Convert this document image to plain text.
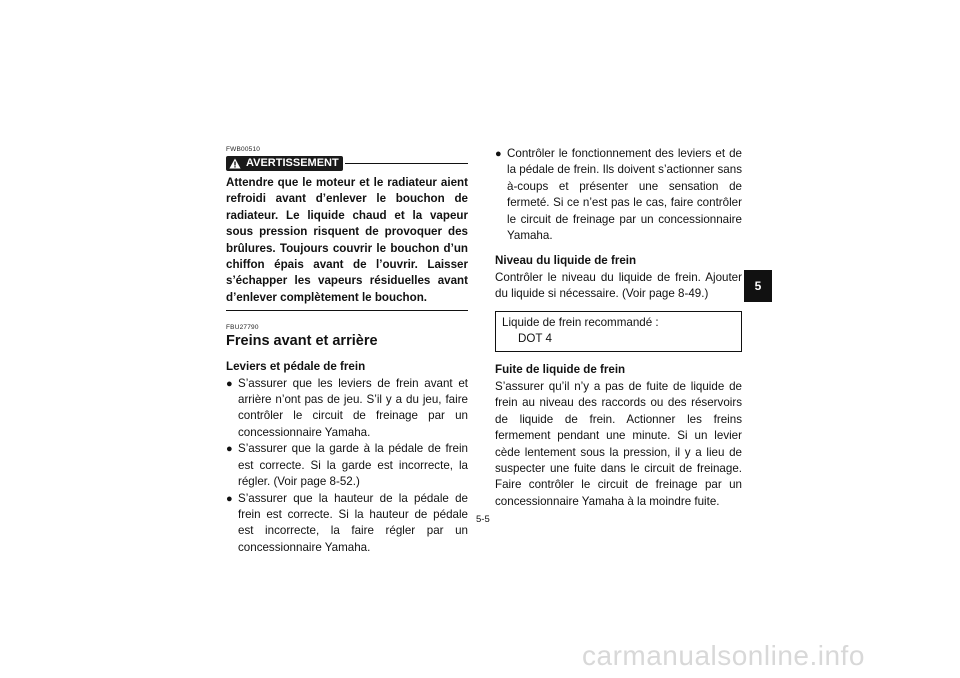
FWB00510
AVERTISSEMENT
Attendre que le moteur et le radiateur aient refroidi avant d’enlever le bouchon de radiateur. Le liquide chaud et la vapeur sous pression risquent de provoquer des brûlures. Toujours couvrir le bouchon d’un chiffon épais avant de l’ouvrir. Laisser s’échapper les vapeurs résiduelles avant d’enlever complètement le bouchon.
FBU27790
Freins avant et arrière
Leviers et pédale de frein
● S’assurer que les leviers de frein avant et arrière n’ont pas de jeu. S’il y a du jeu, faire contrôler le circuit de freinage par un concessionnaire Yamaha.
● S’assurer que la garde à la pédale de frein est correcte. Si la garde est incorrecte, la régler. (Voir page 8-52.)
● S’assurer que la hauteur de la pédale de frein est correcte. Si la hauteur de pédale est incorrecte, la faire régler par un concessionnaire Yamaha.
● Contrôler le fonctionnement des leviers et de la pédale de frein. Ils doivent s’actionner sans à-coups et présenter une sensation de fermeté. Si ce n’est pas le cas, faire contrôler le circuit de freinage par un concessionnaire Yamaha.
Niveau du liquide de frein
Contrôler le niveau du liquide de frein. Ajouter du liquide si nécessaire. (Voir page 8-49.)
Liquide de frein recommandé :
DOT 4
Fuite de liquide de frein
S’assurer qu’il n’y a pas de fuite de liquide de frein au niveau des raccords ou des réservoirs de liquide de frein. Actionner les freins fermement pendant une minute. Si un levier cède lentement sous la pression, il y a lieu de suspecter une fuite dans le circuit de freinage. Faire contrôler le circuit de freinage par un concessionnaire Yamaha à la moindre fuite.
5-5
5
carmanualsonline.info
